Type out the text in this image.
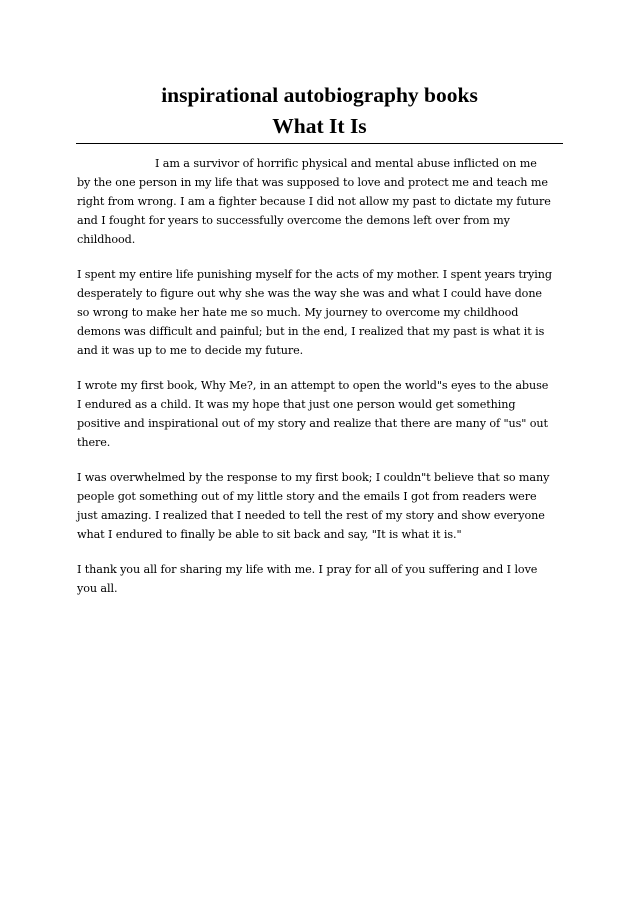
inspirational autobiography books
What It Is

I am a survivor of horrific physical and mental abuse inflicted on me
by the one person in my life that was supposed to love and protect me and teach me
right from wrong. I am a fighter because I did not allow my past to dictate my future
and I fought for years to successfully overcome the demons left over from my
childhood.

I spent my entire life punishing myself for the acts of my mother. I spent years trying
desperately to figure out why she was the way she was and what I could have done
so wrong to make her hate me so much. My journey to overcome my childhood
demons was difficult and painful; but in the end, I realized that my past is what it is
and it was up to me to decide my future.

I wrote my first book, Why Me?, in an attempt to open the world"s eyes to the abuse
I endured as a child. It was my hope that just one person would get something
positive and inspirational out of my story and realize that there are many of "us" out
there.

I was overwhelmed by the response to my first book; I couldn"t believe that so many
people got something out of my little story and the emails I got from readers were
just amazing. I realized that I needed to tell the rest of my story and show everyone
what I endured to finally be able to sit back and say, "It is what it is."

I thank you all for sharing my life with me. I pray for all of you suffering and I love
you all.
